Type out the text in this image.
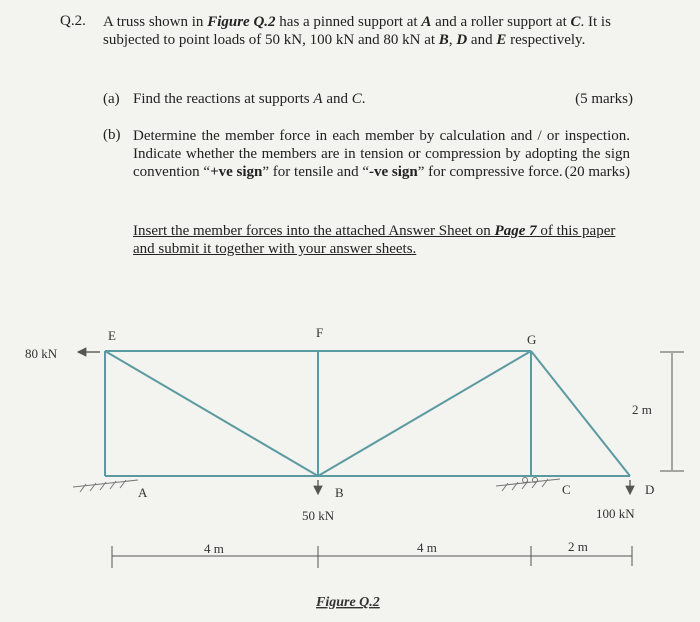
Q.2. A truss shown in Figure Q.2 has a pinned support at A and a roller support at C. It is subjected to point loads of 50 kN, 100 kN and 80 kN at B, D and E respectively.
(a) Find the reactions at supports A and C.	(5 marks)
(b) Determine the member force in each member by calculation and / or inspection. Indicate whether the members are in tension or compression by adopting the sign convention “+ve sign” for tensile and “-ve sign” for compressive force. (20 marks)
Insert the member forces into the attached Answer Sheet on Page 7 of this paper and submit it together with your answer sheets.
E	F	G
A	B	C	D
80 kN
50 kN	100 kN
4 m	4 m	2 m
2 m
Figure Q.2
